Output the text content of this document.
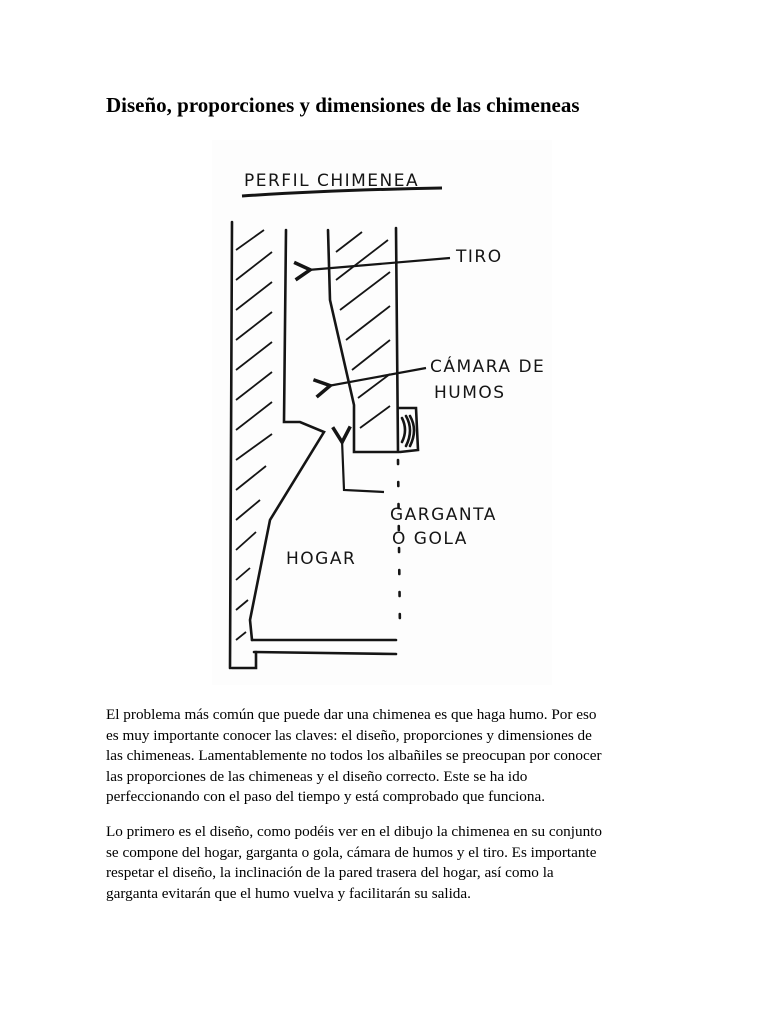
Diseño, proporciones y dimensiones de las chimeneas
PERFIL CHIMENEA
TIRO
CÁMARA DE
HUMOS
GARGANTA
O GOLA
HOGAR

El problema más común que puede dar una chimenea es que haga humo. Por eso
es muy importante conocer las claves: el diseño, proporciones y dimensiones de
las chimeneas. Lamentablemente no todos los albañiles se preocupan por conocer
las proporciones de las chimeneas y el diseño correcto. Este se ha ido
perfeccionando con el paso del tiempo y está comprobado que funciona.

Lo primero es el diseño, como podéis ver en el dibujo la chimenea en su conjunto
se compone del hogar, garganta o gola, cámara de humos y el tiro. Es importante
respetar el diseño, la inclinación de la pared trasera del hogar, así como la
garganta evitarán que el humo vuelva y facilitarán su salida.
